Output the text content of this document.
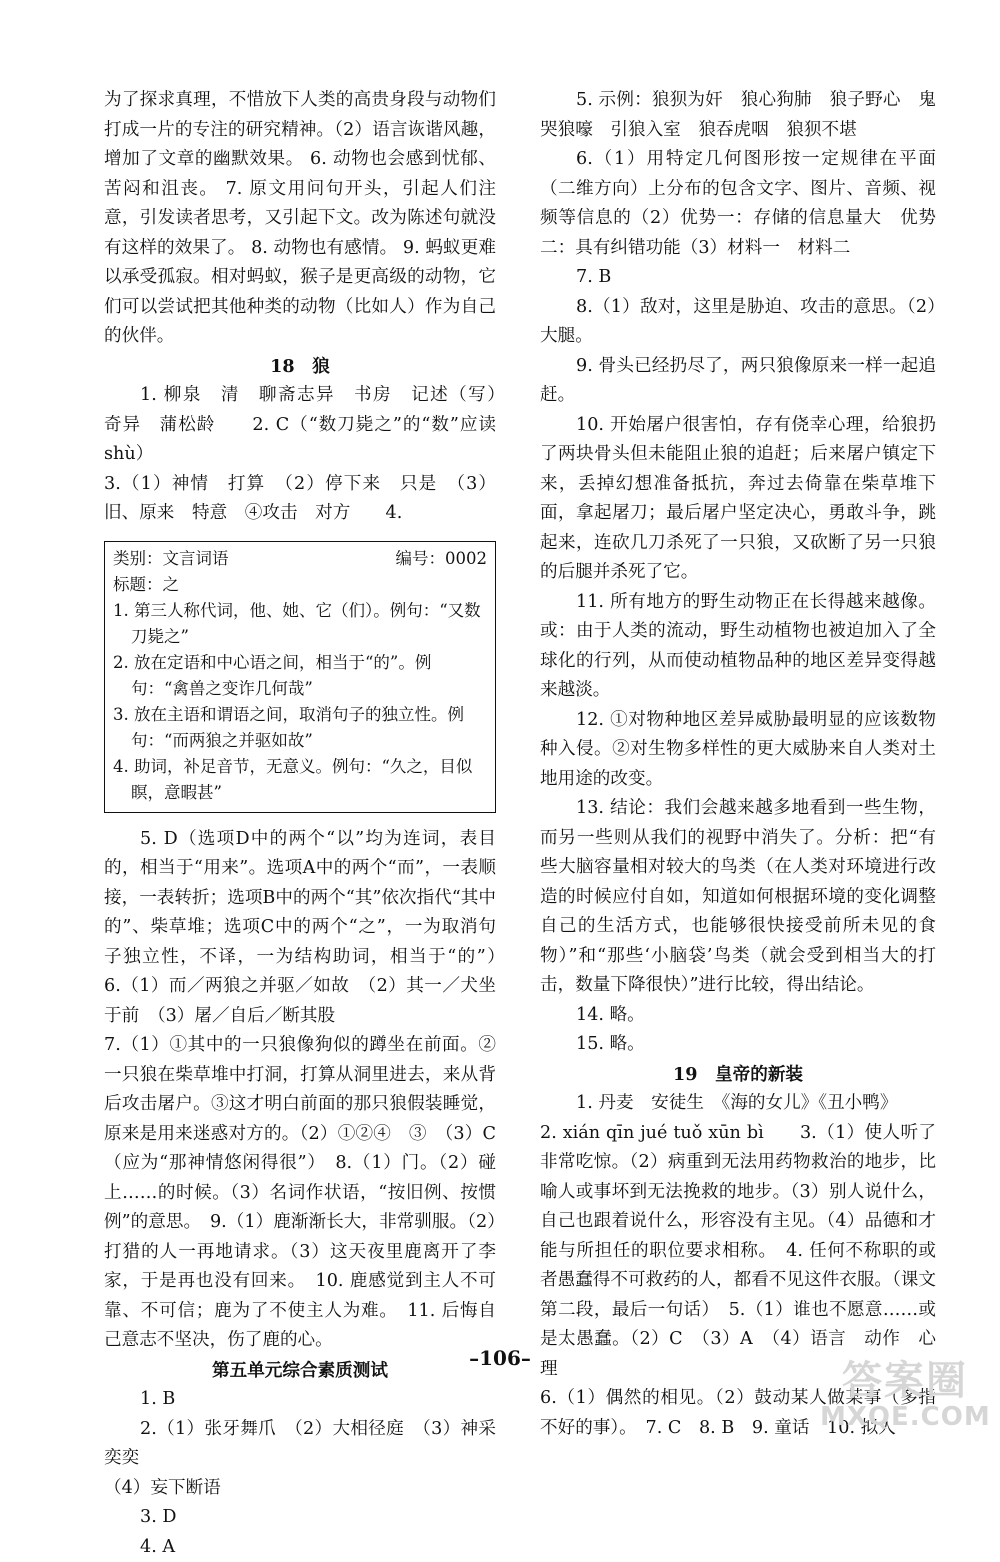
为了探求真理，不惜放下人类的高贵身段与动物们打成一片的专注的研究精神。（2）语言诙谐风趣，增加了文章的幽默效果。 6. 动物也会感到忧郁、苦闷和沮丧。 7. 原文用问句开头，引起人们注意，引发读者思考，又引起下文。改为陈述句就没有这样的效果了。 8. 动物也有感情。 9. 蚂蚁更难以承受孤寂。相对蚂蚁，猴子是更高级的动物，它们可以尝试把其他种类的动物（比如人）作为自己的伙伴。

18　狼

1. 柳泉　清　聊斋志异　书房　记述（写）　奇异　蒲松龄　　2. C（“数刀毙之”的“数”应读shù）

3.（1）神情　打算　（2）停下来　只是　（3）旧、原来　特意　④攻击　对方　　4.

类别：文言词语	编号：0002

标题：之

1. 第三人称代词，他、她、它（们）。例句：“又数刀毙之”

2. 放在定语和中心语之间，相当于“的”。例句：“禽兽之变诈几何哉”

3. 放在主语和谓语之间，取消句子的独立性。例句：“而两狼之并驱如故”

4. 助词，补足音节，无意义。例句：“久之，目似瞑，意暇甚”

5. D（选项D中的两个“以”均为连词，表目的，相当于“用来”。选项A中的两个“而”，一表顺接，一表转折；选项B中的两个“其”依次指代“其中的”、柴草堆；选项C中的两个“之”，一为取消句子独立性，不译，一为结构助词，相当于“的”）　6.（1）而／两狼之并驱／如故　（2）其一／犬坐于前　（3）屠／自后／断其股

7.（1）①其中的一只狼像狗似的蹲坐在前面。②一只狼在柴草堆中打洞，打算从洞里进去，来从背后攻击屠户。③这才明白前面的那只狼假装睡觉，原来是用来迷惑对方的。（2）①②④　③　（3）C（应为“那神情悠闲得很”）　8.（1）门。（2）碰上……的时候。（3）名词作状语，“按旧例、按惯例”的意思。　9.（1）鹿渐渐长大，非常驯服。（2）打猎的人一再地请求。（3）这天夜里鹿离开了李家，于是再也没有回来。　10. 鹿感觉到主人不可靠、不可信；鹿为了不使主人为难。　11. 后悔自己意志不坚决，伤了鹿的心。

第五单元综合素质测试

1. B

2.（1）张牙舞爪　（2）大相径庭　（3）神采奕奕

（4）妄下断语

3. D

4. A

5. 示例：狼狈为奸　狼心狗肺　狼子野心　鬼哭狼嚎　引狼入室　狼吞虎咽　狼狈不堪

6.（1）用特定几何图形按一定规律在平面（二维方向）上分布的包含文字、图片、音频、视频等信息的（2）优势一：存储的信息量大　优势二：具有纠错功能（3）材料一　材料二

7. B

8.（1）敌对，这里是胁迫、攻击的意思。（2）大腿。

9. 骨头已经扔尽了，两只狼像原来一样一起追赶。

10. 开始屠户很害怕，存有侥幸心理，给狼扔了两块骨头但未能阻止狼的追赶；后来屠户镇定下来，丢掉幻想准备抵抗，奔过去倚靠在柴草堆下面，拿起屠刀；最后屠户坚定决心，勇敢斗争，跳起来，连砍几刀杀死了一只狼，又砍断了另一只狼的后腿并杀死了它。

11. 所有地方的野生动物正在长得越来越像。或：由于人类的流动，野生动植物也被迫加入了全球化的行列，从而使动植物品种的地区差异变得越来越淡。

12. ①对物种地区差异威胁最明显的应该数物种入侵。②对生物多样性的更大威胁来自人类对土地用途的改变。

13. 结论：我们会越来越多地看到一些生物，而另一些则从我们的视野中消失了。分析：把“有些大脑容量相对较大的鸟类（在人类对环境进行改造的时候应付自如，知道如何根据环境的变化调整自己的生活方式，也能够很快接受前所未见的食物）”和“那些‘小脑袋’鸟类（就会受到相当大的打击，数量下降很快）”进行比较，得出结论。

14. 略。

15. 略。

19　皇帝的新装

1. 丹麦　安徒生　《海的女儿》《丑小鸭》

2. xián qīn jué tuǒ xūn bì　　3.（1）使人听了非常吃惊。（2）病重到无法用药物救治的地步，比喻人或事坏到无法挽救的地步。（3）别人说什么，自己也跟着说什么，形容没有主见。（4）品德和才能与所担任的职位要求相称。　4. 任何不称职的或者愚蠢得不可救药的人，都看不见这件衣服。（课文第二段，最后一句话）　5.（1）谁也不愿意……或是太愚蠢。（2）C　（3）A　（4）语言　动作　心理

6.（1）偶然的相见。（2）鼓动某人做某事（多指不好的事）。　7. C　8. B　9. 童话　10. 拟人

–106–	答案圈
MXQE.COM
